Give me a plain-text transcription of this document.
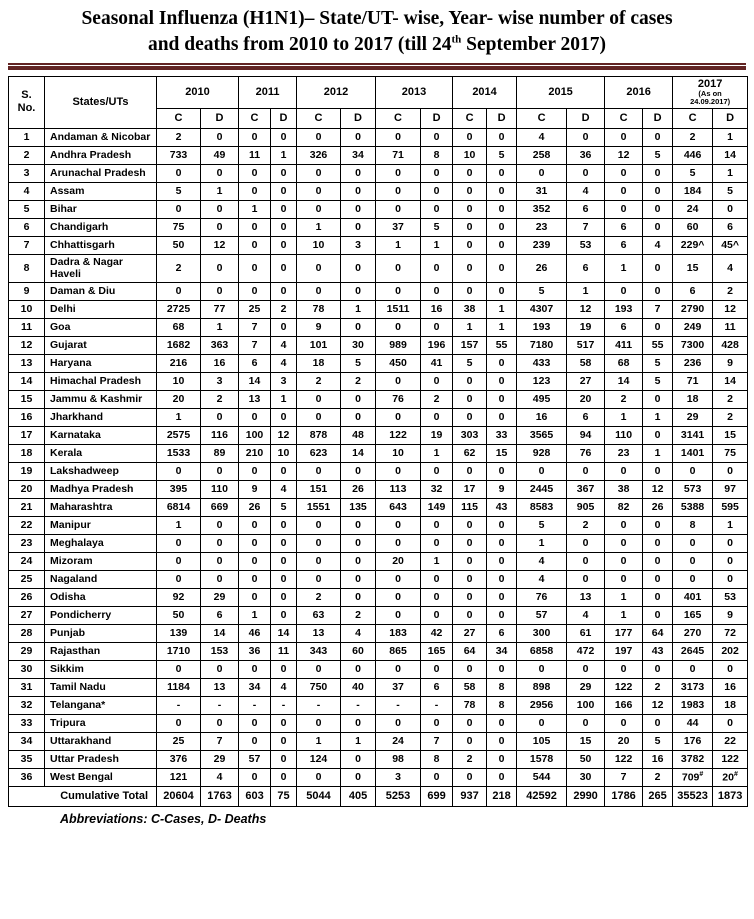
Seasonal Influenza (H1N1)– State/UT- wise, Year- wise number of cases
and deaths from 2010 to 2017 (till 24th September 2017)
S.
No.	States/UTs	2010	2011	2012	2013	2014	2015	2016	
2017
(As on
24.09.2017)

		C	D	C	D	C	D	C	D	C	D	C	D	C	D	C	D
1	Andaman & Nicobar	2	0	0	0	0	0	0	0	0	0	4	0	0	0	2	1
2	Andhra Pradesh	733	49	11	1	326	34	71	8	10	5	258	36	12	5	446	14
3	Arunachal Pradesh	0	0	0	0	0	0	0	0	0	0	0	0	0	0	5	1
4	Assam	5	1	0	0	0	0	0	0	0	0	31	4	0	0	184	5
5	Bihar	0	0	1	0	0	0	0	0	0	0	352	6	0	0	24	0
6	Chandigarh	75	0	0	0	1	0	37	5	0	0	23	7	6	0	60	6
7	Chhattisgarh	50	12	0	0	10	3	1	1	0	0	239	53	6	4	229^	45^
8	Dadra & Nagar Haveli	2	0	0	0	0	0	0	0	0	0	26	6	1	0	15	4
9	Daman & Diu	0	0	0	0	0	0	0	0	0	0	5	1	0	0	6	2
10	Delhi	2725	77	25	2	78	1	1511	16	38	1	4307	12	193	7	2790	12
11	Goa	68	1	7	0	9	0	0	0	1	1	193	19	6	0	249	11
12	Gujarat	1682	363	7	4	101	30	989	196	157	55	7180	517	411	55	7300	428
13	Haryana	216	16	6	4	18	5	450	41	5	0	433	58	68	5	236	9
14	Himachal Pradesh	10	3	14	3	2	2	0	0	0	0	123	27	14	5	71	14
15	Jammu & Kashmir	20	2	13	1	0	0	76	2	0	0	495	20	2	0	18	2
16	Jharkhand	1	0	0	0	0	0	0	0	0	0	16	6	1	1	29	2
17	Karnataka	2575	116	100	12	878	48	122	19	303	33	3565	94	110	0	3141	15
18	Kerala	1533	89	210	10	623	14	10	1	62	15	928	76	23	1	1401	75
19	Lakshadweep	0	0	0	0	0	0	0	0	0	0	0	0	0	0	0	0
20	Madhya Pradesh	395	110	9	4	151	26	113	32	17	9	2445	367	38	12	573	97
21	Maharashtra	6814	669	26	5	1551	135	643	149	115	43	8583	905	82	26	5388	595
22	Manipur	1	0	0	0	0	0	0	0	0	0	5	2	0	0	8	1
23	Meghalaya	0	0	0	0	0	0	0	0	0	0	1	0	0	0	0	0
24	Mizoram	0	0	0	0	0	0	20	1	0	0	4	0	0	0	0	0
25	Nagaland	0	0	0	0	0	0	0	0	0	0	4	0	0	0	0	0
26	Odisha	92	29	0	0	2	0	0	0	0	0	76	13	1	0	401	53
27	Pondicherry	50	6	1	0	63	2	0	0	0	0	57	4	1	0	165	9
28	Punjab	139	14	46	14	13	4	183	42	27	6	300	61	177	64	270	72
29	Rajasthan	1710	153	36	11	343	60	865	165	64	34	6858	472	197	43	2645	202
30	Sikkim	0	0	0	0	0	0	0	0	0	0	0	0	0	0	0	0
31	Tamil Nadu	1184	13	34	4	750	40	37	6	58	8	898	29	122	2	3173	16
32	Telangana*	-	-	-	-	-	-	-	-	78	8	2956	100	166	12	1983	18
33	Tripura	0	0	0	0	0	0	0	0	0	0	0	0	0	0	44	0
34	Uttarakhand	25	7	0	0	1	1	24	7	0	0	105	15	20	5	176	22
35	Uttar Pradesh	376	29	57	0	124	0	98	8	2	0	1578	50	122	16	3782	122
36	West Bengal	121	4	0	0	0	0	3	0	0	0	544	30	7	2	709#	20#
Cumulative Total		20604	1763	603	75	5044	405	5253	699	937	218	42592	2990	1786	265	35523	1873
Abbreviations: C-Cases, D- Deaths
